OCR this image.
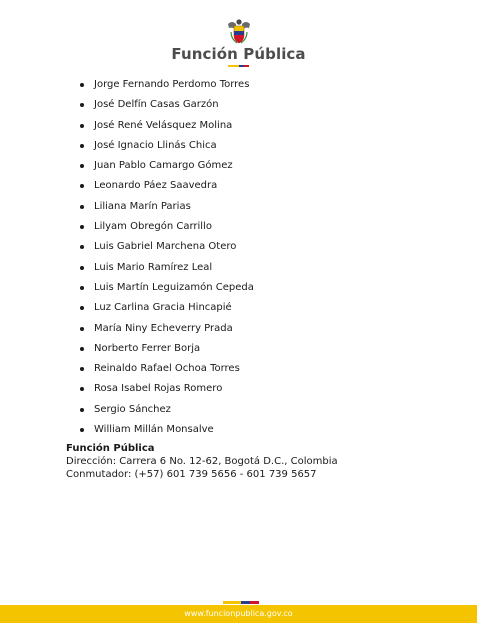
Función Pública
Jorge Fernando Perdomo Torres
José Delfín Casas Garzón
José René Velásquez Molina
José Ignacio Llinás Chica
Juan Pablo Camargo Gómez
Leonardo Páez Saavedra
Liliana Marín Parias
Lilyam Obregón Carrillo
Luis Gabriel Marchena Otero
Luis Mario Ramírez Leal
Luis Martín Leguizamón Cepeda
Luz Carlina Gracia Hincapié
María Niny Echeverry Prada
Norberto Ferrer Borja
Reinaldo Rafael Ochoa Torres
Rosa Isabel Rojas Romero
Sergio Sánchez
William Millán Monsalve
Función Pública
Dirección: Carrera 6 No. 12-62, Bogotá D.C., Colombia
Conmutador: (+57) 601 739 5656 - 601 739 5657
www.funcionpublica.gov.co
